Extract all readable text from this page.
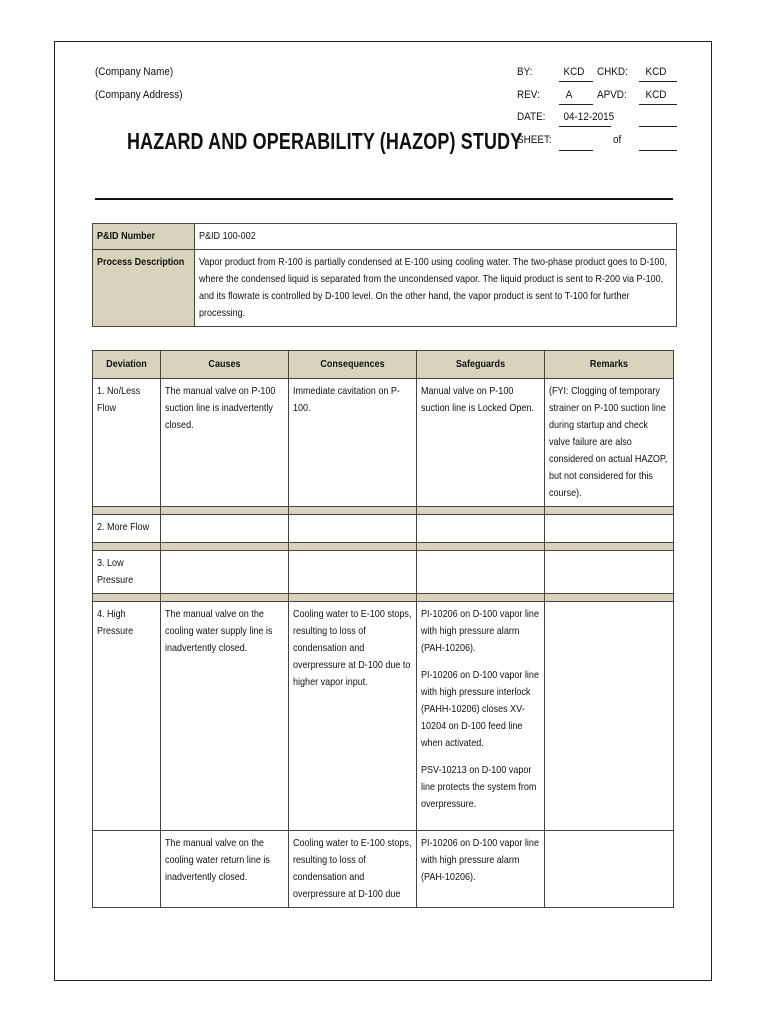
(Company Name)
(Company Address)
HAZARD AND OPERABILITY (HAZOP) STUDY
BY:	KCD CHKD:	KCD
REV:	A	APVD:	KCD
DATE: 04-12-2015
SHEET:	of
P&ID Number	P&ID 100-002

Process Description	Vapor product from R-100 is partially condensed at E-100 using cooling water. The two-phase product goes to D-100, where the condensed liquid is separated from the uncondensed vapor. The liquid product is sent to R-200 via P-100, and its flowrate is controlled by D-100 level. On the other hand, the vapor product is sent to T-100 for further processing.
Deviation	Causes	Consequences	Safeguards	Remarks

1. No/Less Flow	The manual valve on P-100 suction line is inadvertently closed.	Immediate cavitation on P-100.	Manual valve on P-100 suction line is Locked Open.	(FYI: Clogging of temporary strainer on P-100 suction line during startup and check valve failure are also considered on actual HAZOP, but not considered for this course).

2. More Flow				

3. Low Pressure				

4. High Pressure	The manual valve on the cooling water supply line is inadvertently closed.	Cooling water to E-100 stops, resulting to loss of condensation and overpressure at D-100 due to higher vapor input.	PI-10206 on D-100 vapor line with high pressure alarm (PAH-10206).
PI-10206 on D-100 vapor line with high pressure interlock (PAHH-10206) closes XV-10204 on D-100 feed line when activated.
PSV-10213 on D-100 vapor line protects the system from overpressure.	

	The manual valve on the cooling water return line is inadvertently closed.	Cooling water to E-100 stops, resulting to loss of condensation and overpressure at D-100 due	PI-10206 on D-100 vapor line with high pressure alarm (PAH-10206).	
